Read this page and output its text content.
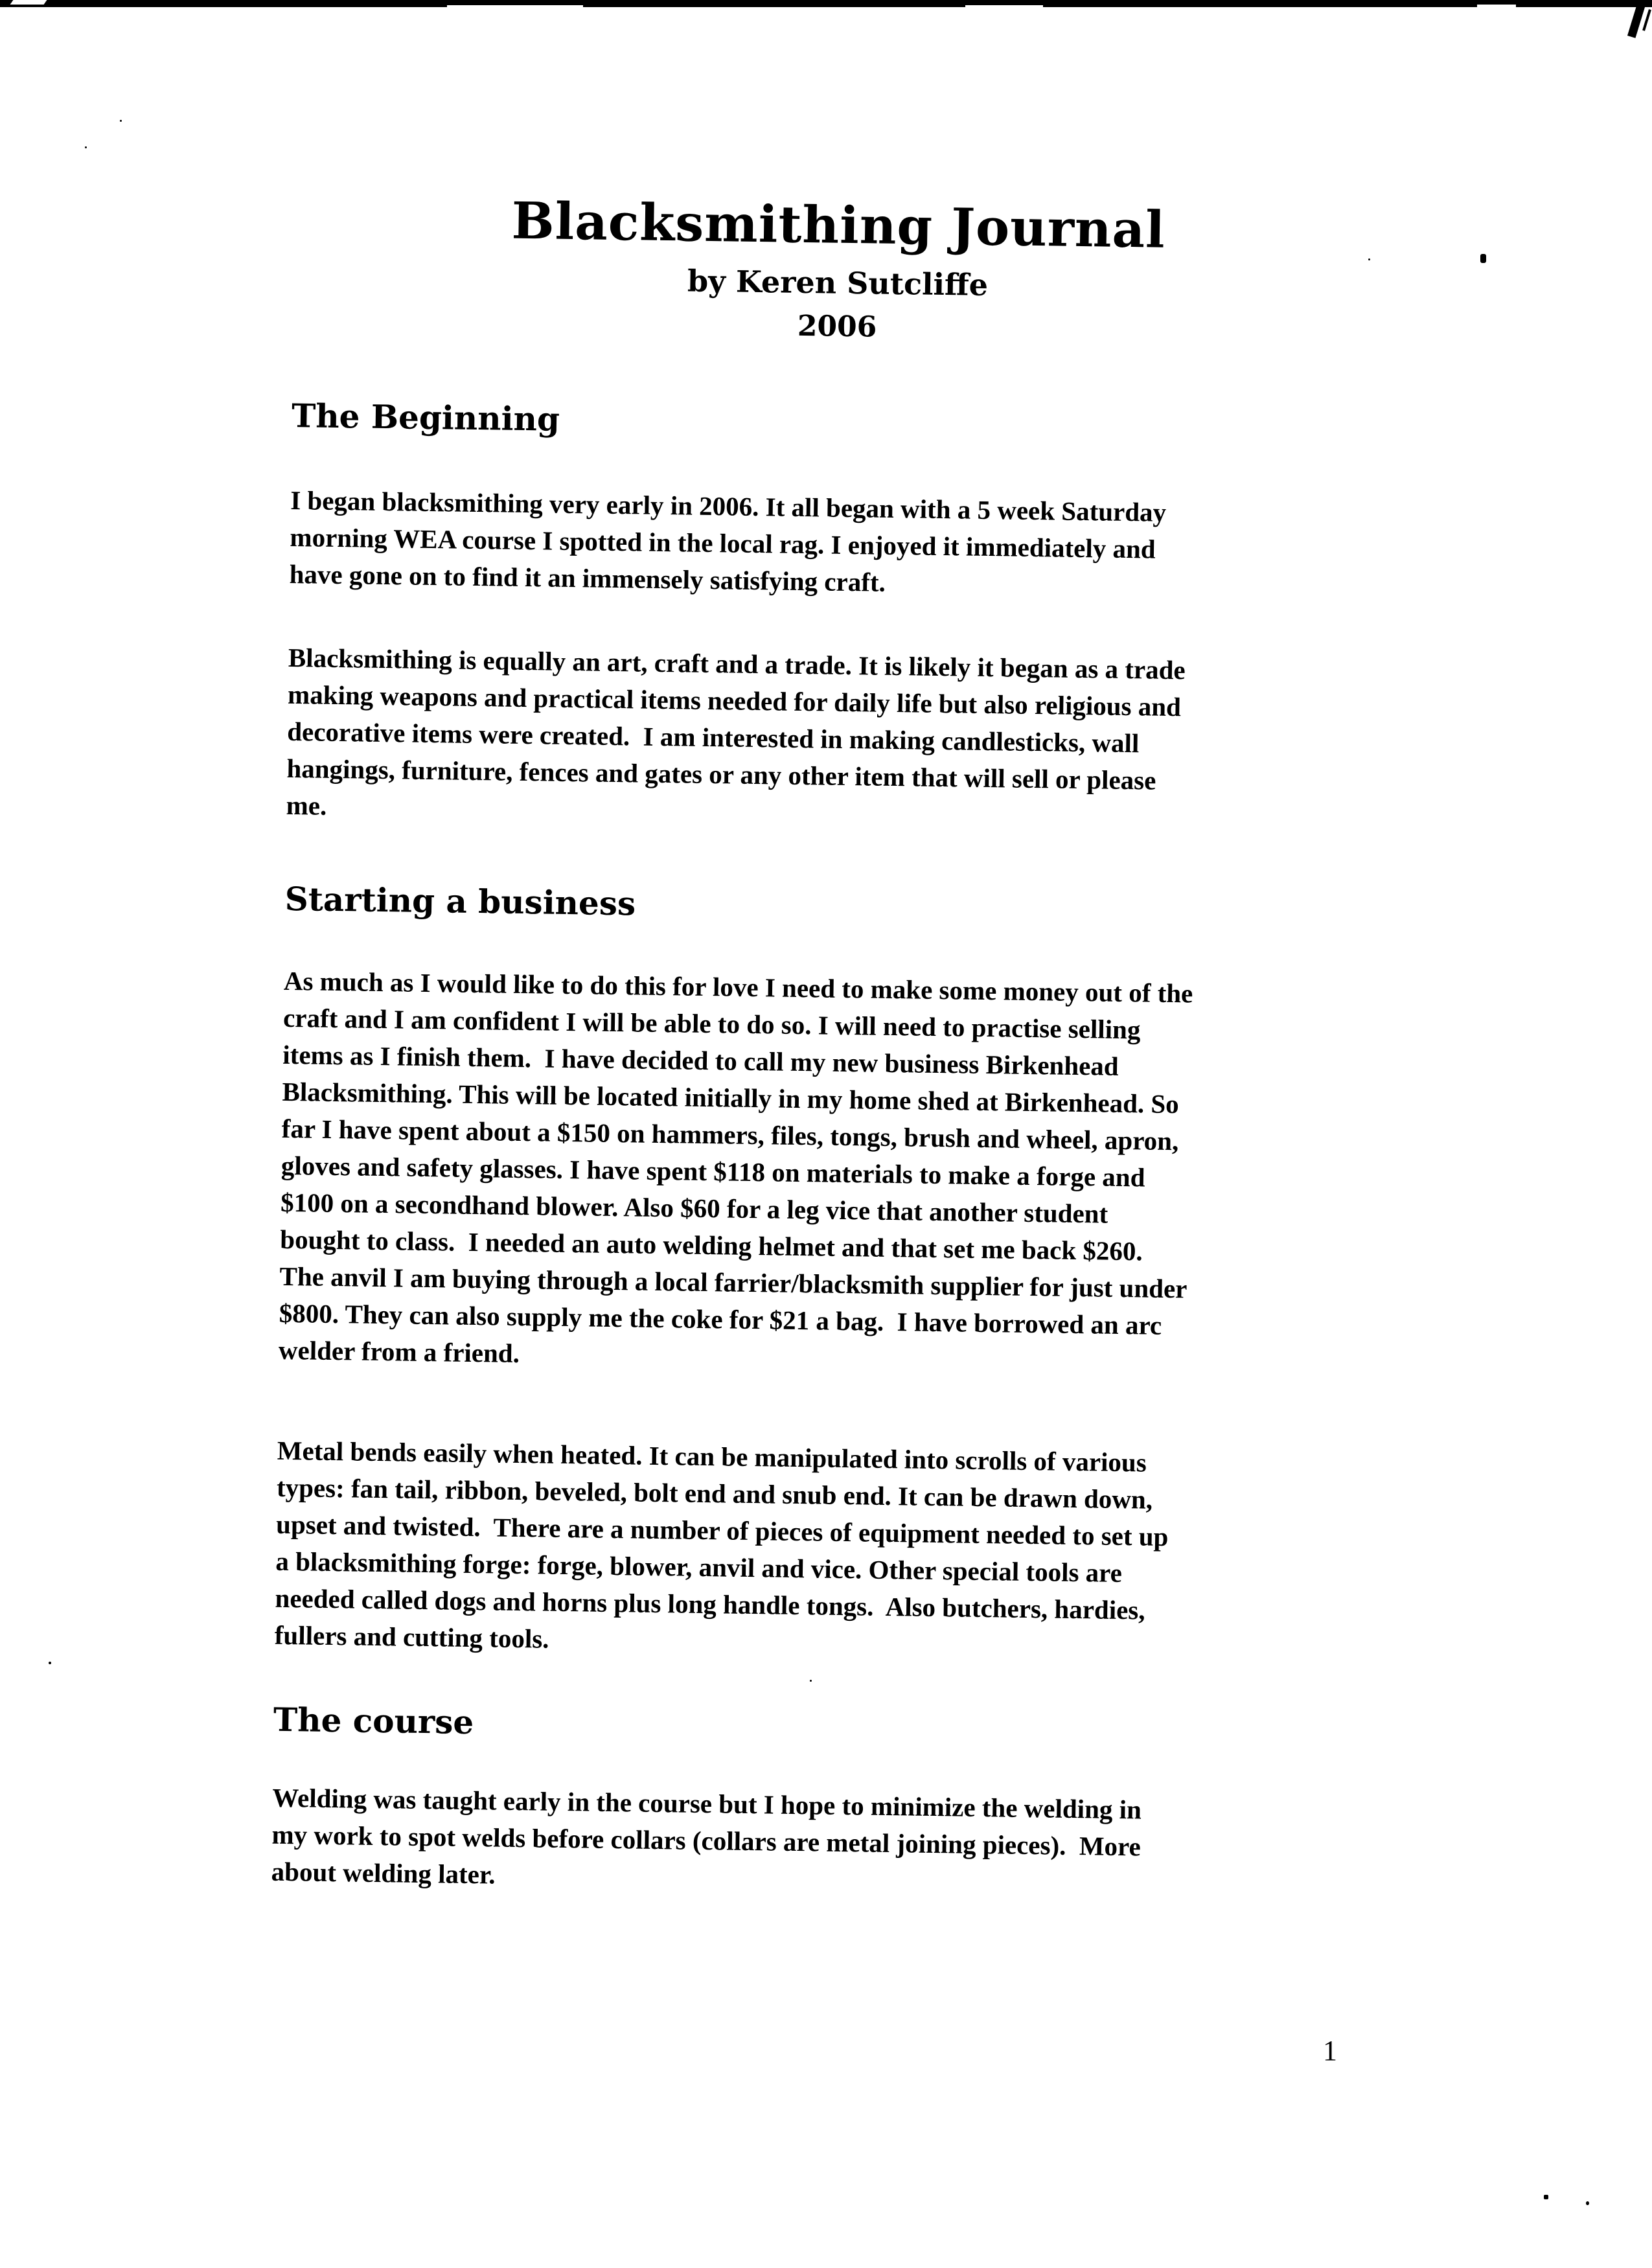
Blacksmithing Journal
by Keren Sutcliffe
2006
The Beginning
I began blacksmithing very early in 2006. It all began with a 5 week Saturday
morning WEA course I spotted in the local rag. I enjoyed it immediately and
have gone on to find it an immensely satisfying craft.
Blacksmithing is equally an art, craft and a trade. It is likely it began as a trade
making weapons and practical items needed for daily life but also religious and
decorative items were created.  I am interested in making candlesticks, wall
hangings, furniture, fences and gates or any other item that will sell or please
me.
Starting a business
As much as I would like to do this for love I need to make some money out of the
craft and I am confident I will be able to do so. I will need to practise selling
items as I finish them.  I have decided to call my new business Birkenhead
Blacksmithing. This will be located initially in my home shed at Birkenhead. So
far I have spent about a $150 on hammers, files, tongs, brush and wheel, apron,
gloves and safety glasses. I have spent $118 on materials to make a forge and
$100 on a secondhand blower. Also $60 for a leg vice that another student
bought to class.  I needed an auto welding helmet and that set me back $260.
The anvil I am buying through a local farrier/blacksmith supplier for just under
$800. They can also supply me the coke for $21 a bag.  I have borrowed an arc
welder from a friend.
Metal bends easily when heated. It can be manipulated into scrolls of various
types: fan tail, ribbon, beveled, bolt end and snub end. It can be drawn down,
upset and twisted.  There are a number of pieces of equipment needed to set up
a blacksmithing forge: forge, blower, anvil and vice. Other special tools are
needed called dogs and horns plus long handle tongs.  Also butchers, hardies,
fullers and cutting tools.
The course
Welding was taught early in the course but I hope to minimize the welding in
my work to spot welds before collars (collars are metal joining pieces).  More
about welding later.
1
